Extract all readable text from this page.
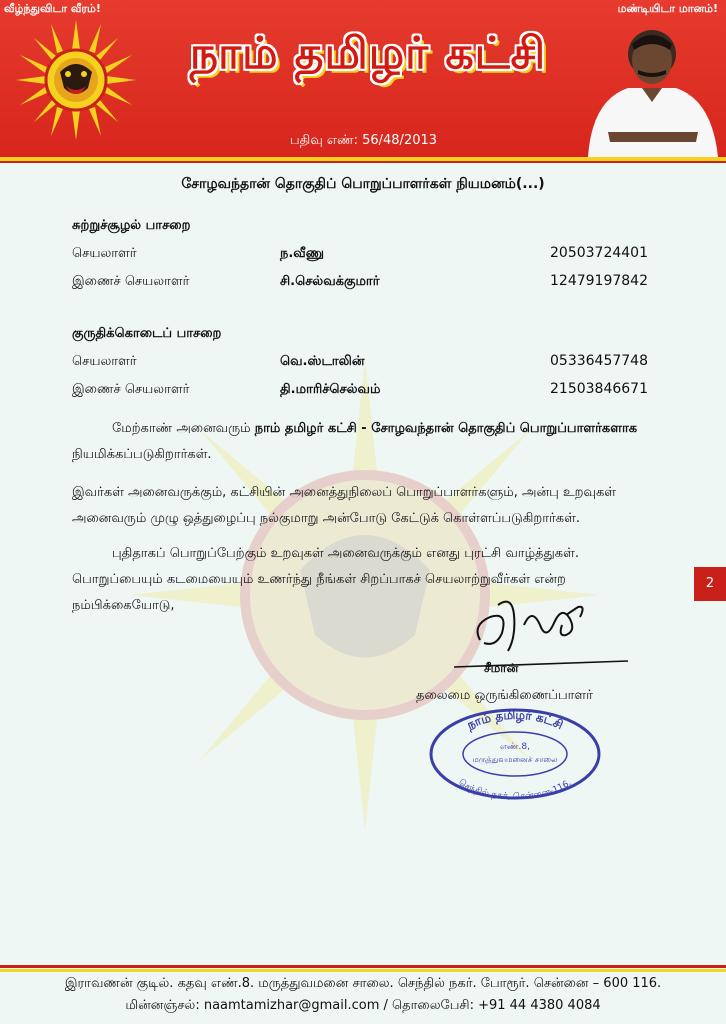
வீழ்ந்துவிடா வீரம்!	மண்டியிடா மானம்!
நாம் தமிழர் கட்சி
பதிவு எண்: 56/48/2013
சோழவந்தான் தொகுதிப் பொறுப்பாளர்கள் நியமனம்(...)
சுற்றுச்சூழல் பாசறை
செயலாளர்	ந.வீணு	20503724401
இணைச் செயலாளர்	சி.செல்வக்குமார்	12479197842
குருதிக்கொடைப் பாசறை
செயலாளர்	வெ.ஸ்டாலின்	05336457748
இணைச் செயலாளர்	தி.மாரிச்செல்வம்	21503846671
மேற்காண் அனைவரும் நாம் தமிழர் கட்சி - சோழவந்தான் தொகுதிப் பொறுப்பாளர்களாக நியமிக்கப்படுகிறார்கள்.
இவர்கள் அனைவருக்கும், கட்சியின் அனைத்துநிலைப் பொறுப்பாளர்களும், அன்பு உறவுகள் அனைவரும் முழு ஒத்துழைப்பு நல்குமாறு அன்போடு கேட்டுக் கொள்ளப்படுகிறார்கள்.
புதிதாகப் பொறுப்பேற்கும் உறவுகள் அனைவருக்கும் எனது புரட்சி வாழ்த்துகள். பொறுப்பையும் கடமையையும் உணர்ந்து நீங்கள் சிறப்பாகச் செயலாற்றுவீர்கள் என்ற நம்பிக்கையோடு,
2
சீமான்
தலைமை ஒருங்கிணைப்பாளர்
நாம் தமிழர் கட்சி
எண்.8,
மருத்துவமனைச் சாலை
செந்தில் நகர், சென்னை-116.
இராவணன் குடில். கதவு எண்.8. மருத்துவமனை சாலை. செந்தில் நகர். போரூர். சென்னை – 600 116.
மின்னஞ்சல்: naamtamizhar@gmail.com / தொலைபேசி: +91 44 4380 4084
